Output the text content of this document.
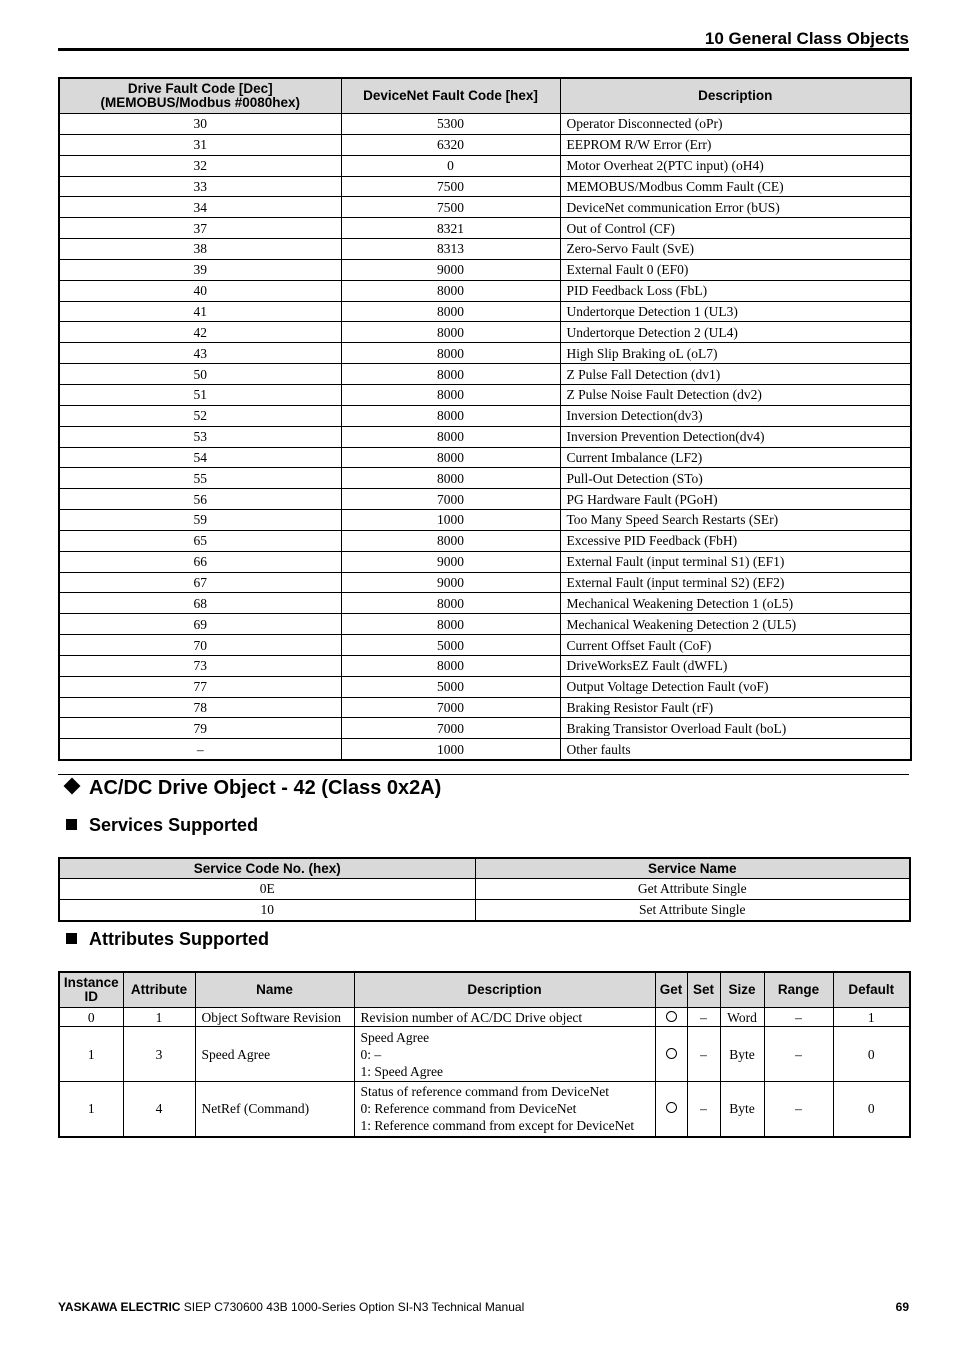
10 General Class Objects
Drive Fault Code [Dec]
(MEMOBUS/Modbus #0080hex)	DeviceNet Fault Code [hex]	Description
30	5300	Operator Disconnected (oPr)
31	6320	EEPROM R/W Error (Err)
32	0	Motor Overheat 2(PTC input) (oH4)
33	7500	MEMOBUS/Modbus Comm Fault (CE)
34	7500	DeviceNet communication Error (bUS)
37	8321	Out of Control (CF)
38	8313	Zero-Servo Fault (SvE)
39	9000	External Fault 0 (EF0)
40	8000	PID Feedback Loss (FbL)
41	8000	Undertorque Detection 1 (UL3)
42	8000	Undertorque Detection 2 (UL4)
43	8000	High Slip Braking oL (oL7)
50	8000	Z Pulse Fall Detection (dv1)
51	8000	Z Pulse Noise Fault Detection (dv2)
52	8000	Inversion Detection(dv3)
53	8000	Inversion Prevention Detection(dv4)
54	8000	Current Imbalance (LF2)
55	8000	Pull-Out Detection (STo)
56	7000	PG Hardware Fault (PGoH)
59	1000	Too Many Speed Search Restarts (SEr)
65	8000	Excessive PID Feedback (FbH)
66	9000	External Fault (input terminal S1) (EF1)
67	9000	External Fault (input terminal S2) (EF2)
68	8000	Mechanical Weakening Detection 1 (oL5)
69	8000	Mechanical Weakening Detection 2 (UL5)
70	5000	Current Offset Fault (CoF)
73	8000	DriveWorksEZ Fault (dWFL)
77	5000	Output Voltage Detection Fault (voF)
78	7000	Braking Resistor Fault (rF)
79	7000	Braking Transistor Overload Fault (boL)
–	1000	Other faults
AC/DC Drive Object - 42 (Class 0x2A)
Services Supported
Service Code No. (hex)	Service Name
0E	Get Attribute Single
10	Set Attribute Single
Attributes Supported
Instance
ID	Attribute	Name	Description	Get	Set	Size	Range	Default
0	1	Object Software Revision	Revision number of AC/DC Drive object		–	Word	–	1
1	3	Speed Agree	Speed Agree
0: –
1: Speed Agree		–	Byte	–	0
1	4	NetRef (Command)	Status of reference command from DeviceNet
0: Reference command from DeviceNet
1: Reference command from except for DeviceNet		–	Byte	–	0
YASKAWA ELECTRIC SIEP C730600 43B 1000-Series Option SI-N3 Technical Manual	69
